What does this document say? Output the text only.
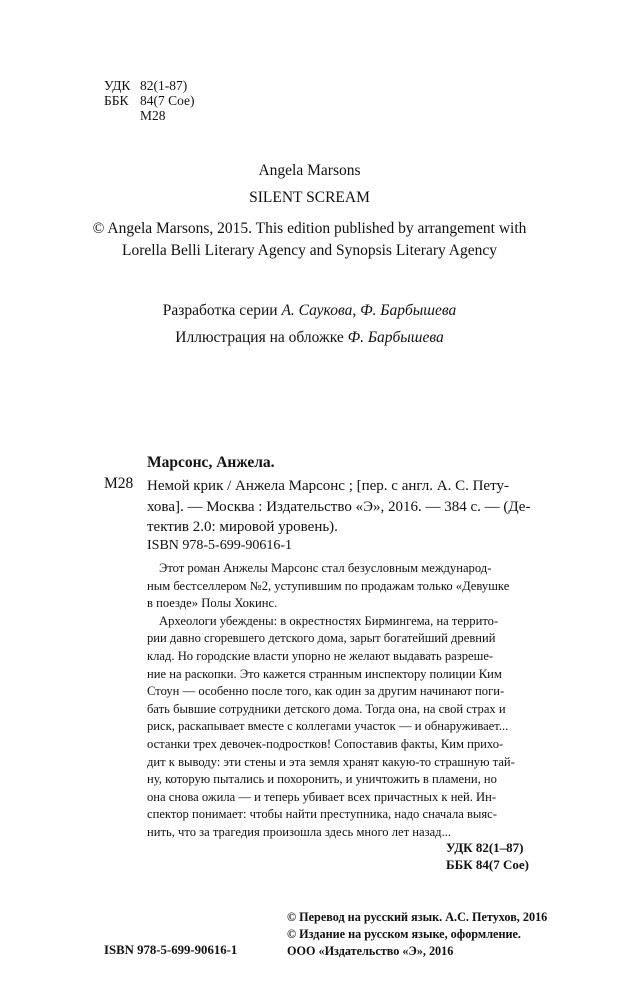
УДК 82(1-87)
ББК 84(7 Сое)
М28
Angela Marsons
SILENT SCREAM
© Angela Marsons, 2015. This edition published by arrangement with
Lorella Belli Literary Agency and Synopsis Literary Agency
Разработка серии А. Саукова, Ф. Барбышева
Иллюстрация на обложке Ф. Барбышева
Марсонс, Анжела.
М28 Немой крик / Анжела Марсонс ; [пер. с англ. А. С. Пету-
хова]. — Москва : Издательство «Э», 2016. — 384 с. — (Де-
тектив 2.0: мировой уровень).
ISBN 978-5-699-90616-1
Этот роман Анжелы Марсонс стал безусловным международ-
ным бестселлером №2, уступившим по продажам только «Девушке
в поезде» Полы Хокинс.
Археологи убеждены: в окрестностях Бирмингема, на террито-
рии давно сгоревшего детского дома, зарыт богатейший древний
клад. Но городские власти упорно не желают выдавать разреше-
ние на раскопки. Это кажется странным инспектору полиции Ким
Стоун — особенно после того, как один за другим начинают поги-
бать бывшие сотрудники детского дома. Тогда она, на свой страх и
риск, раскапывает вместе с коллегами участок — и обнаруживает...
останки трех девочек-подростков! Сопоставив факты, Ким прихо-
дит к выводу: эти стены и эта земля хранят какую-то страшную тай-
ну, которую пытались и похоронить, и уничтожить в пламени, но
она снова ожила — и теперь убивает всех причастных к ней. Ин-
спектор понимает: чтобы найти преступника, надо сначала выяс-
нить, что за трагедия произошла здесь много лет назад...
УДК 82(1–87)
ББК 84(7 Сое)
© Перевод на русский язык. А.С. Петухов, 2016
© Издание на русском языке, оформление.
ООО «Издательство «Э», 2016
ISBN 978-5-699-90616-1
